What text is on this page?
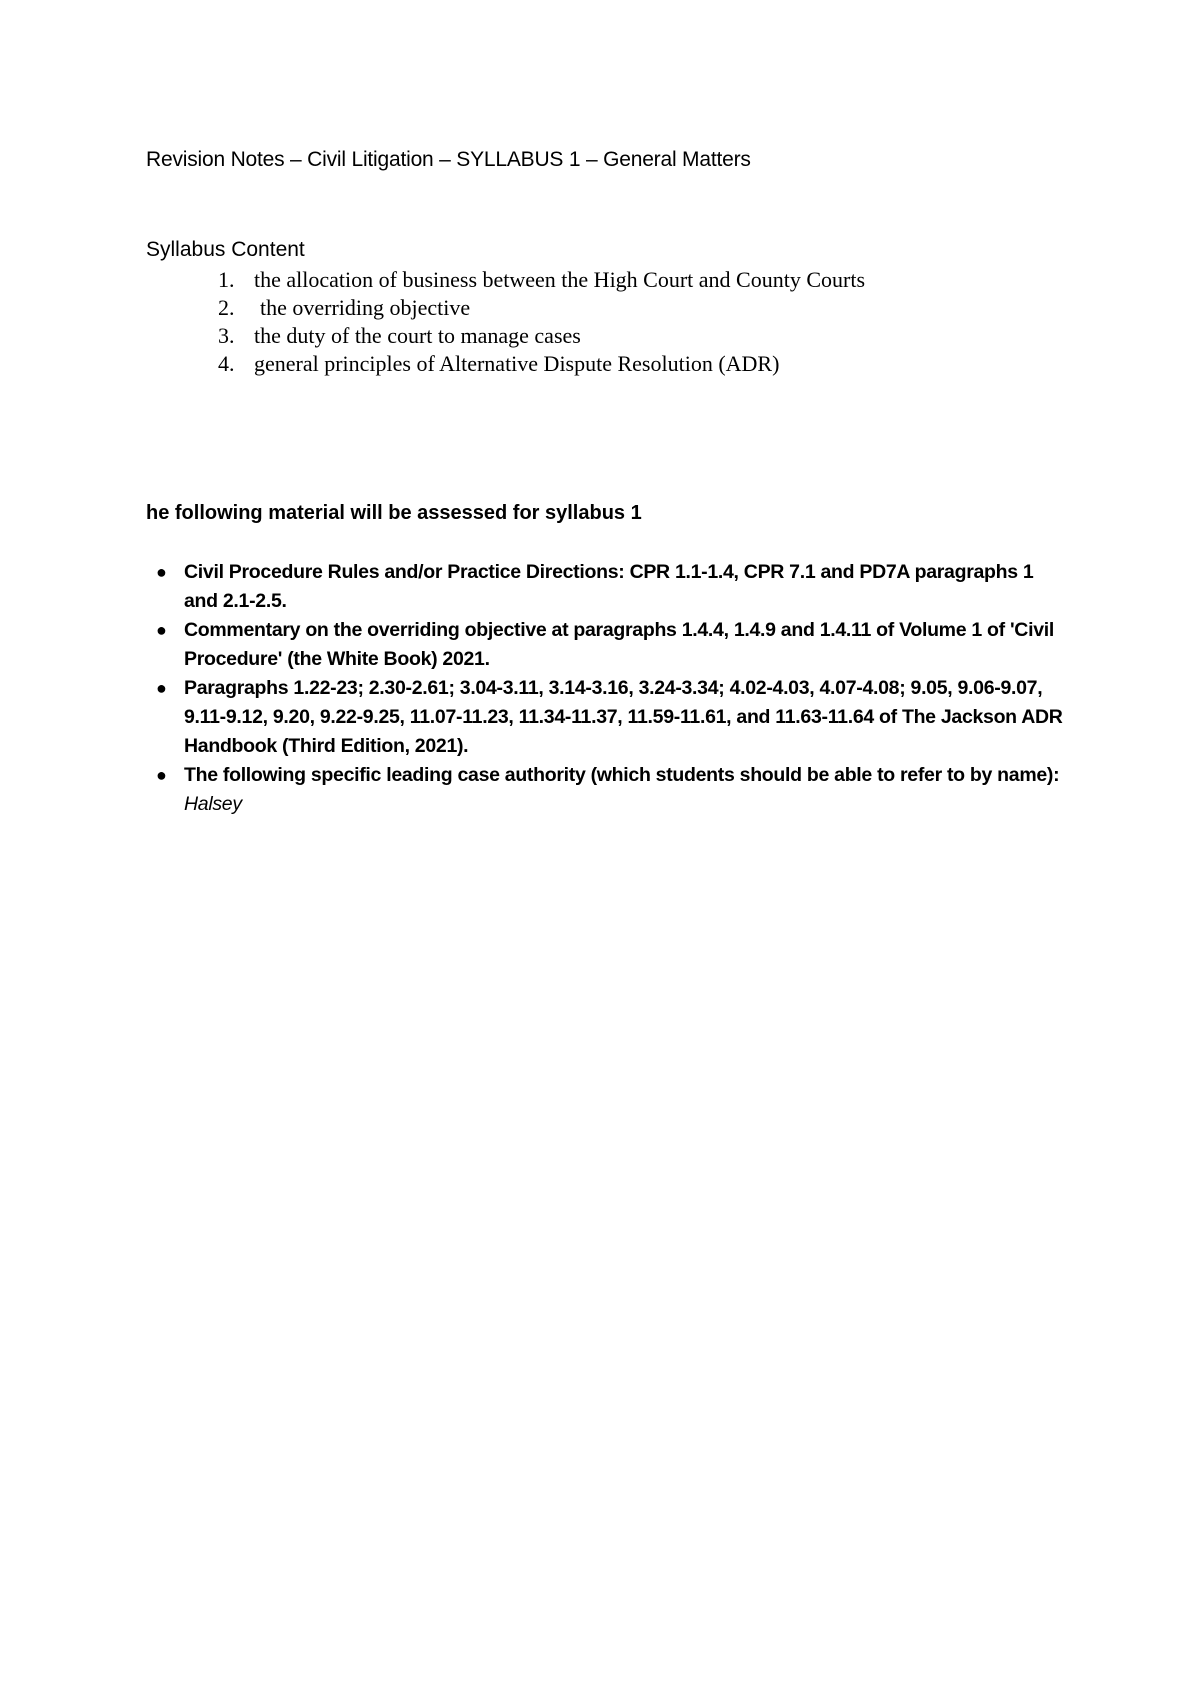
Revision Notes – Civil Litigation – SYLLABUS 1 – General Matters
Syllabus Content
1. the allocation of business between the High Court and County Courts
2.	the overriding objective
3. the duty of the court to manage cases
4. general principles of Alternative Dispute Resolution (ADR)
he following material will be assessed for syllabus 1
● Civil Procedure Rules and/or Practice Directions: CPR 1.1-1.4, CPR 7.1 and PD7A paragraphs 1 and 2.1-2.5.
● Commentary on the overriding objective at paragraphs 1.4.4, 1.4.9 and 1.4.11 of Volume 1 of 'Civil Procedure' (the White Book) 2021.
● Paragraphs 1.22-23; 2.30-2.61; 3.04-3.11, 3.14-3.16, 3.24-3.34; 4.02-4.03, 4.07-4.08; 9.05, 9.06-9.07, 9.11-9.12, 9.20, 9.22-9.25, 11.07-11.23, 11.34-11.37, 11.59-11.61, and 11.63-11.64 of The Jackson ADR Handbook (Third Edition, 2021).
● The following specific leading case authority (which students should be able to refer to by name): Halsey
